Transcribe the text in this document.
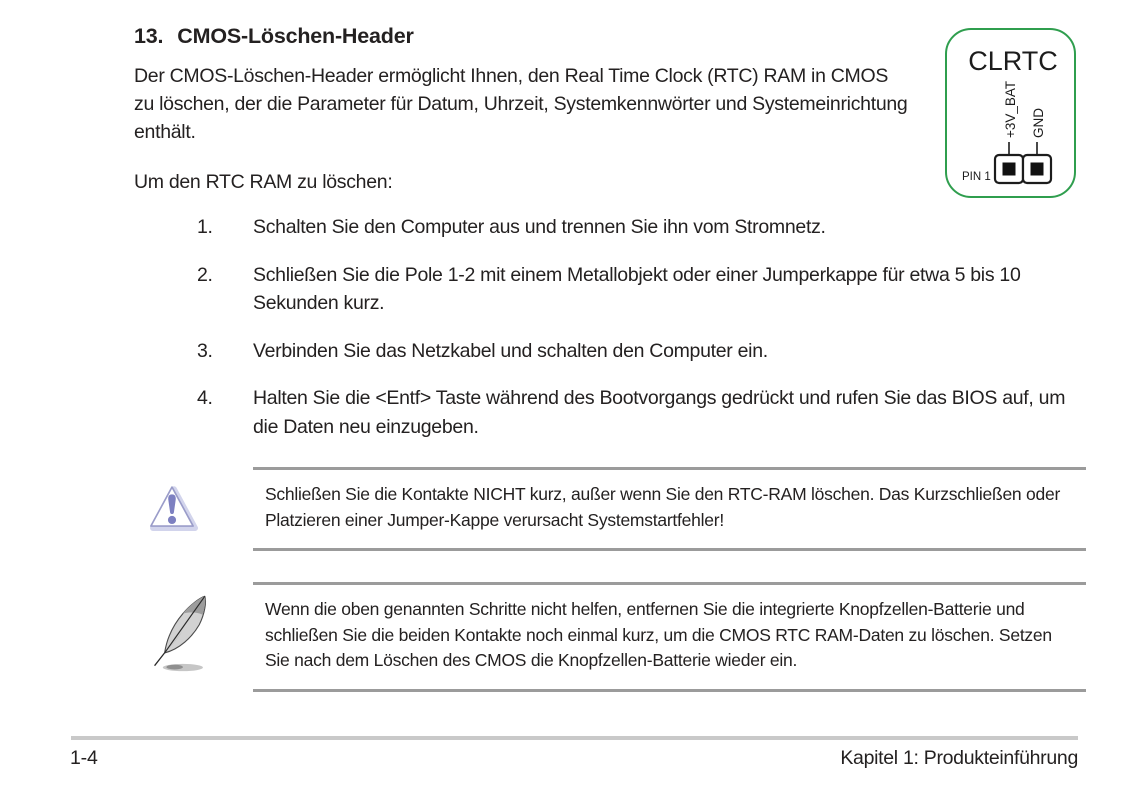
13. CMOS-Löschen-Header

Der CMOS-Löschen-Header ermöglicht Ihnen, den Real Time Clock (RTC) RAM in CMOS zu löschen, der die Parameter für Datum, Uhrzeit, Systemkennwörter und Systemeinrichtung enthält.

Um den RTC RAM zu löschen:

1.	Schalten Sie den Computer aus und trennen Sie ihn vom Stromnetz.
2.	Schließen Sie die Pole 1-2 mit einem Metallobjekt oder einer Jumperkappe für etwa 5 bis 10 Sekunden kurz.
3.	Verbinden Sie das Netzkabel und schalten den Computer ein.
4.	Halten Sie die <Entf> Taste während des Bootvorgangs gedrückt und rufen Sie das BIOS auf, um die Daten neu einzugeben.

Schließen Sie die Kontakte NICHT kurz, außer wenn Sie den RTC-RAM löschen. Das Kurzschließen oder Platzieren einer Jumper-Kappe verursacht Systemstartfehler!

Wenn die oben genannten Schritte nicht helfen, entfernen Sie die integrierte Knopfzellen-Batterie und schließen Sie die beiden Kontakte noch einmal kurz, um die CMOS RTC RAM-Daten zu löschen. Setzen Sie nach dem Löschen des CMOS die Knopfzellen-Batterie wieder ein.

CLRTC
+3V_BAT GND
PIN 1
1-4	Kapitel 1: Produkteinführung
